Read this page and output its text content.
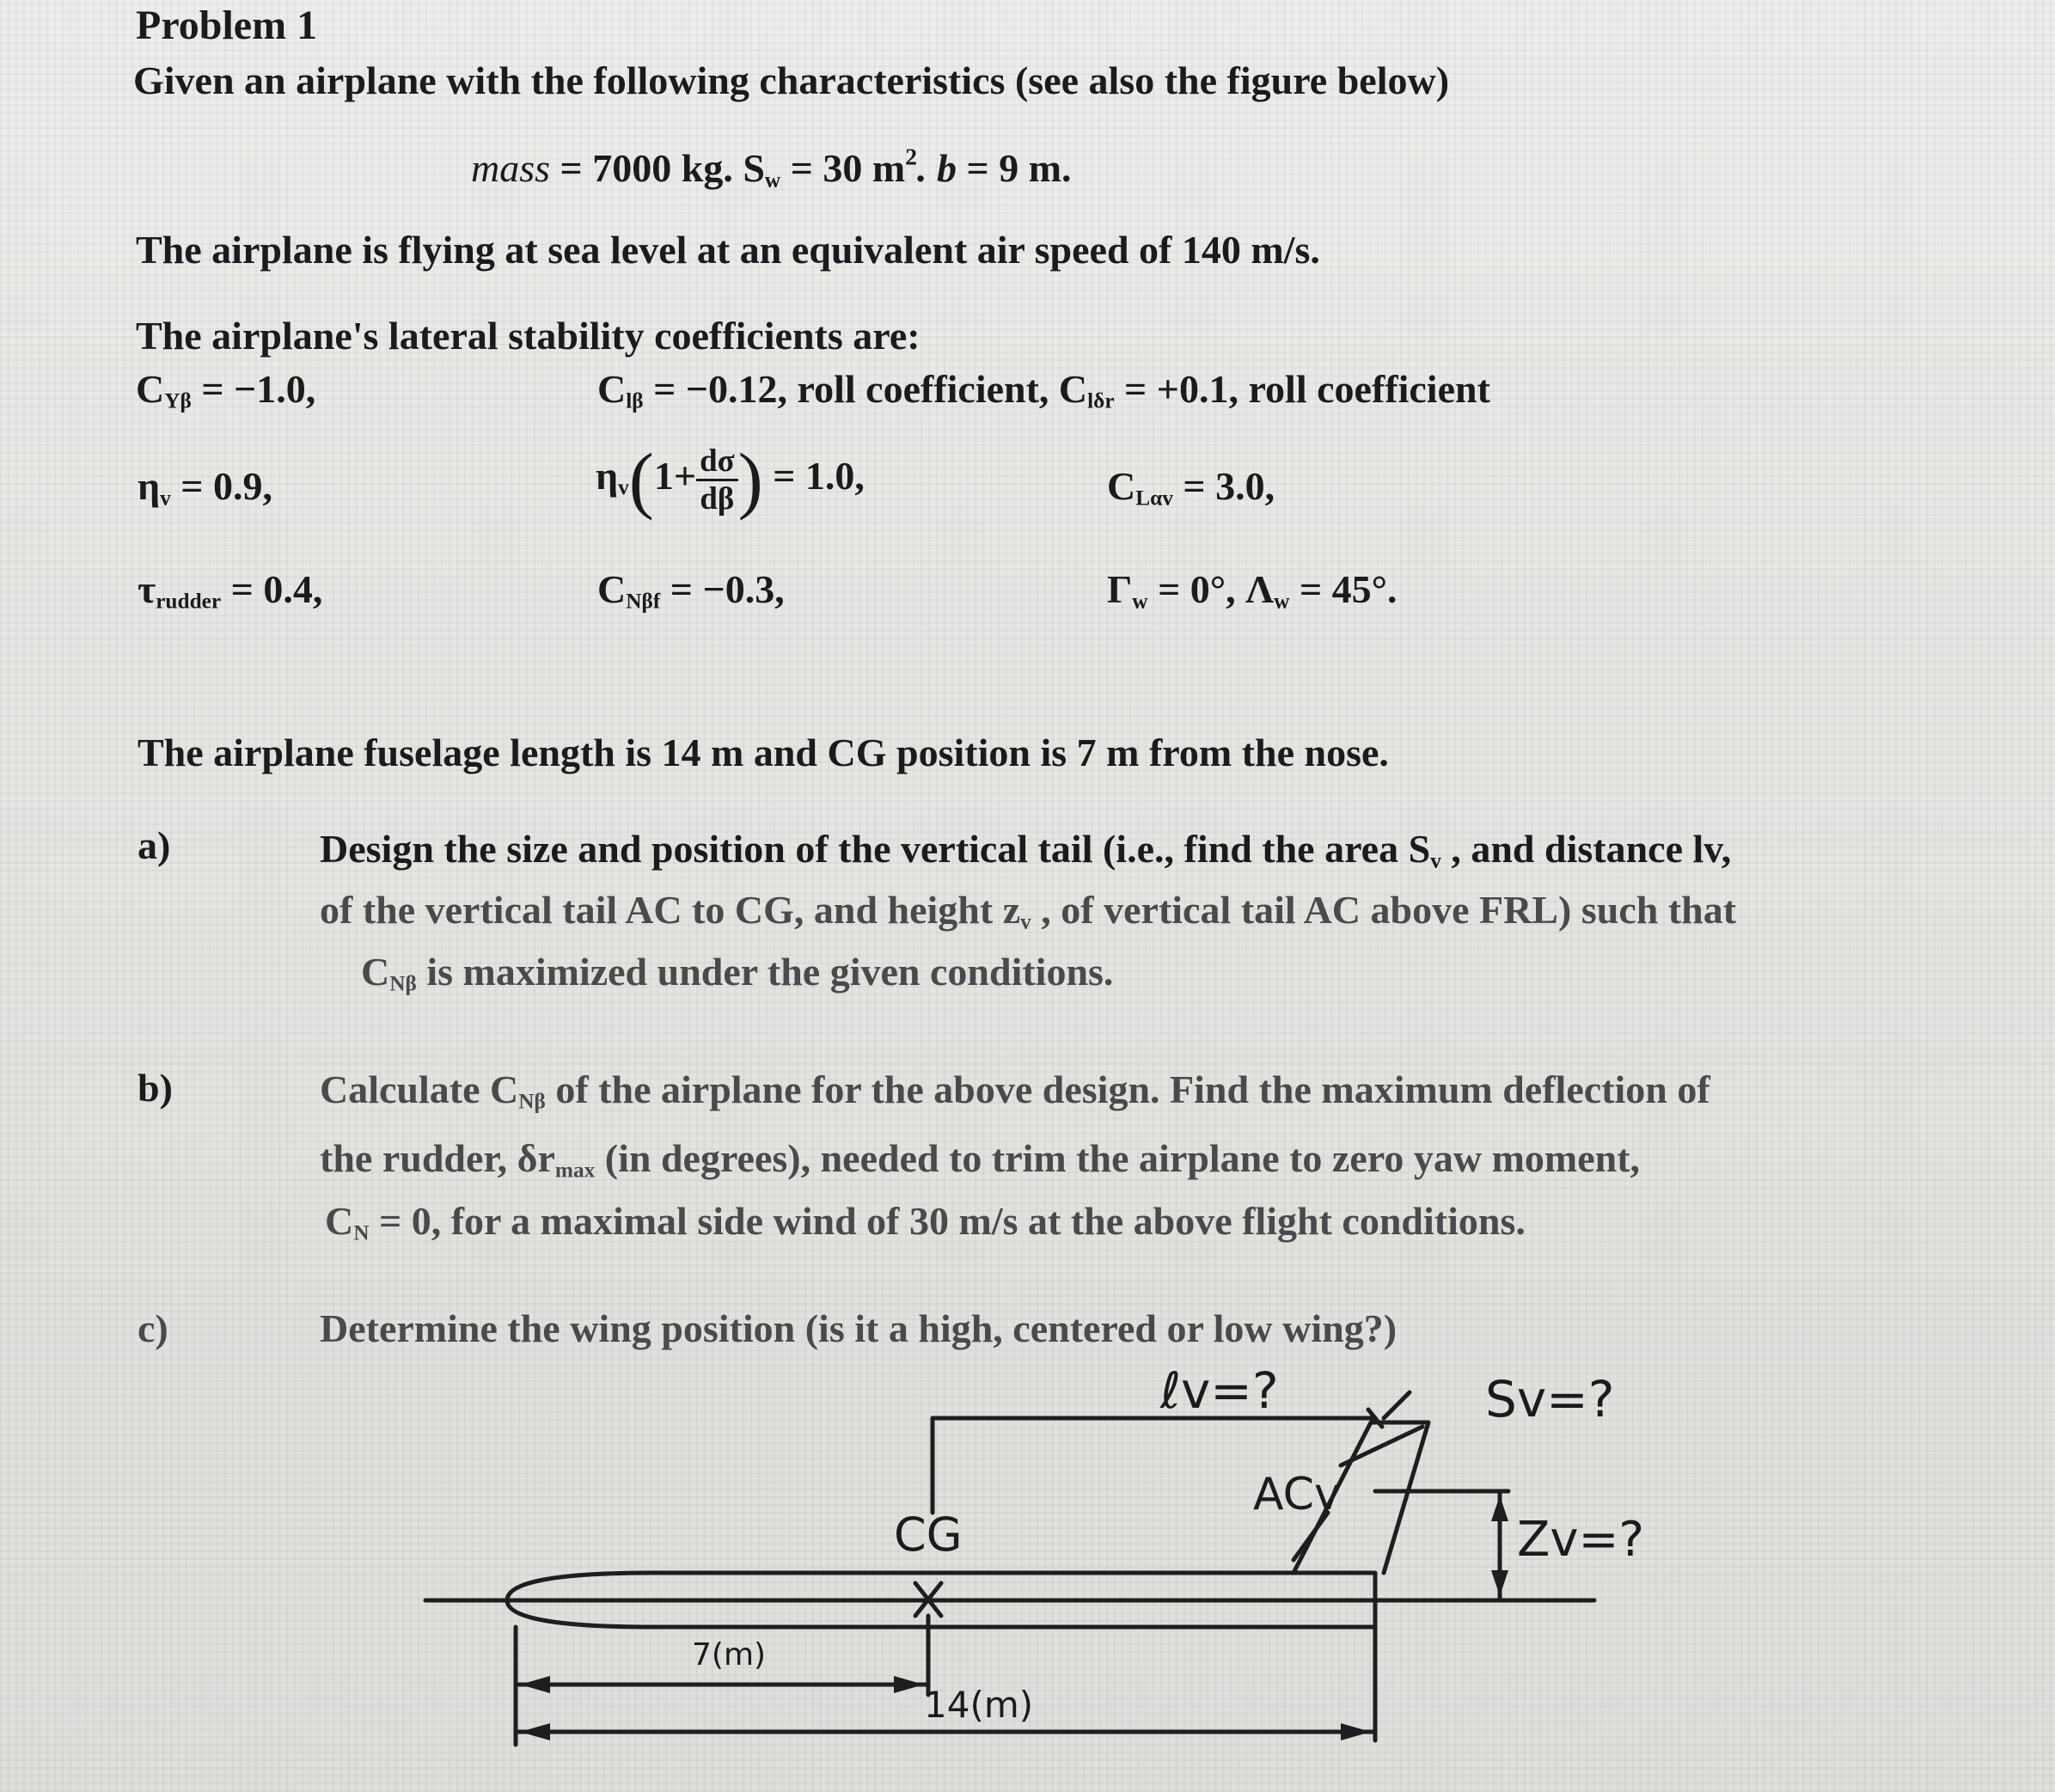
Problem 1
Given an airplane with the following characteristics (see also the figure below)
mass = 7000 kg. $S_w = 30$ $m^2$. b = 9 m.
The airplane is flying at sea level at an equivalent air speed of 140 m/s.
The airplane's lateral stability coefficients are:
$C_{Y\beta} = -1.0$,	$C_{l\beta} = -0.12$, roll coefficient, $C_{l\delta r} = +0.1$, roll coefficient
$\eta_v = 0.9$,	$\eta_v(1+ \frac{d\sigma}{d\beta}$ ) = 1.0,	$C_{L\alpha v} = 3.0$,
$\tau_{rudder} = 0.4$,	$C_{N\beta f} = -0.3$,	$\Gamma_w = 0^\circ$, $\Lambda_w = 45^\circ$.
The airplane fuselage length is 14 m and CG position is 7 m from the nose.
a)	Design the size and position of the vertical tail (i.e., find the area $S_v$ , and distance lv,
of the vertical tail AC to CG, and height $z_v$ , of vertical tail AC above FRL) such that
$C_{N\beta}$ is maximized under the given conditions.
b)	Calculate $C_{N\beta}$ of the airplane for the above design. Find the maximum deflection of
the rudder, $\delta r_{max}$ (in degrees), needed to trim the airplane to zero yaw moment,
$C_N = 0$, for a maximal side wind of 30 m/s at the above flight conditions.
c)	Determine the wing position (is it a high, centered or low wing?)
ℓv=?	Sv=?
ACv
CG	Zv=?
7(m)
14(m)
